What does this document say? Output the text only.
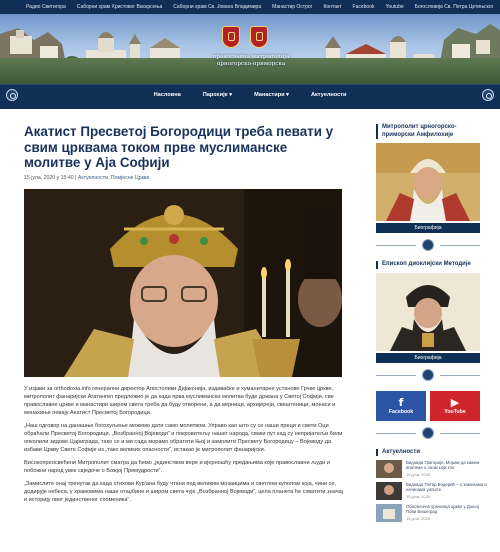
Радио Светигора Саборни храм Христовог Васкрсења Саборни храм Св. Јована Владимира Манастир Острог Контакт Facebook Youtube Богословија Св. Петра Цетињског
православна митрополија
црногорско-приморска
Насловна	Парохије ▾	Манастири ▾	Актуелности
Акатист Пресветој Богородици треба певати у свим црквама током прве муслиманске молитве у Аја Софији
15 јула, 2020 у 15:40 | Актуелности, Помјесне Цркве

У изјави за orthodoxia.info генерални директор Апостолики Дијаконија, издаваčке и хуманитарне установе Грчке цркве, митрополит фанаријски Агатангел предложио је да када прва муслиманска молитва буде држана у Светој Софији, све православне цркве и манастири широм света треба да буду отворени, а да верници, архијереји, свештеници, монаси и монахиње певају Акатист Пресветој Богородици.

„Наш одговор на данашње богохуљење можемо дати само молитвом. Управо као што су се наши преци и свети Оци обраћали Пресветој Богородици, „Возбранној Војеводи“ и покровитељу нашег народа, сваки пут кад су непријатељи били опколили зидове Цариграда, тако се и ми сада морамо обратити Њој и замолити Пресвету Богородицу – Војеводу да избави Цркву Свете Софије из „тако великих опасности“, истакао је митрополит фанаријски.

Високопреосвећени Митрополит сматра да ћемо „јединством вере и вјерношћу предањима које православни људи и побожни народ увек свједоче о Божјој Премудрости“.

„Замислите онај тренутак да када стихови Кур’ана буду чтани под великим мозаицима и светлом куполом која, чини се, додирује небеса, у храмовима наше отаџбине и широм света чује „Возбранној Војеводи“, цела планета ће схватити значај и историју овог јединственог споменика“.

Митрополит црногорско-приморски Амфилохије
Биографија
Епископ диоклијски Методије
Биографија
f
Facebook
▶
YouTube
Актуелности
Видовда Григорије: Морам да кажем анатеме о оном који кле
15 јула, 2020
Видовда Петар Бодерић – о заменама и начинама уопште
15 јула, 2020
Обновљена урачница цркве у Доњој Пови Вишеград
15 јула, 2020
